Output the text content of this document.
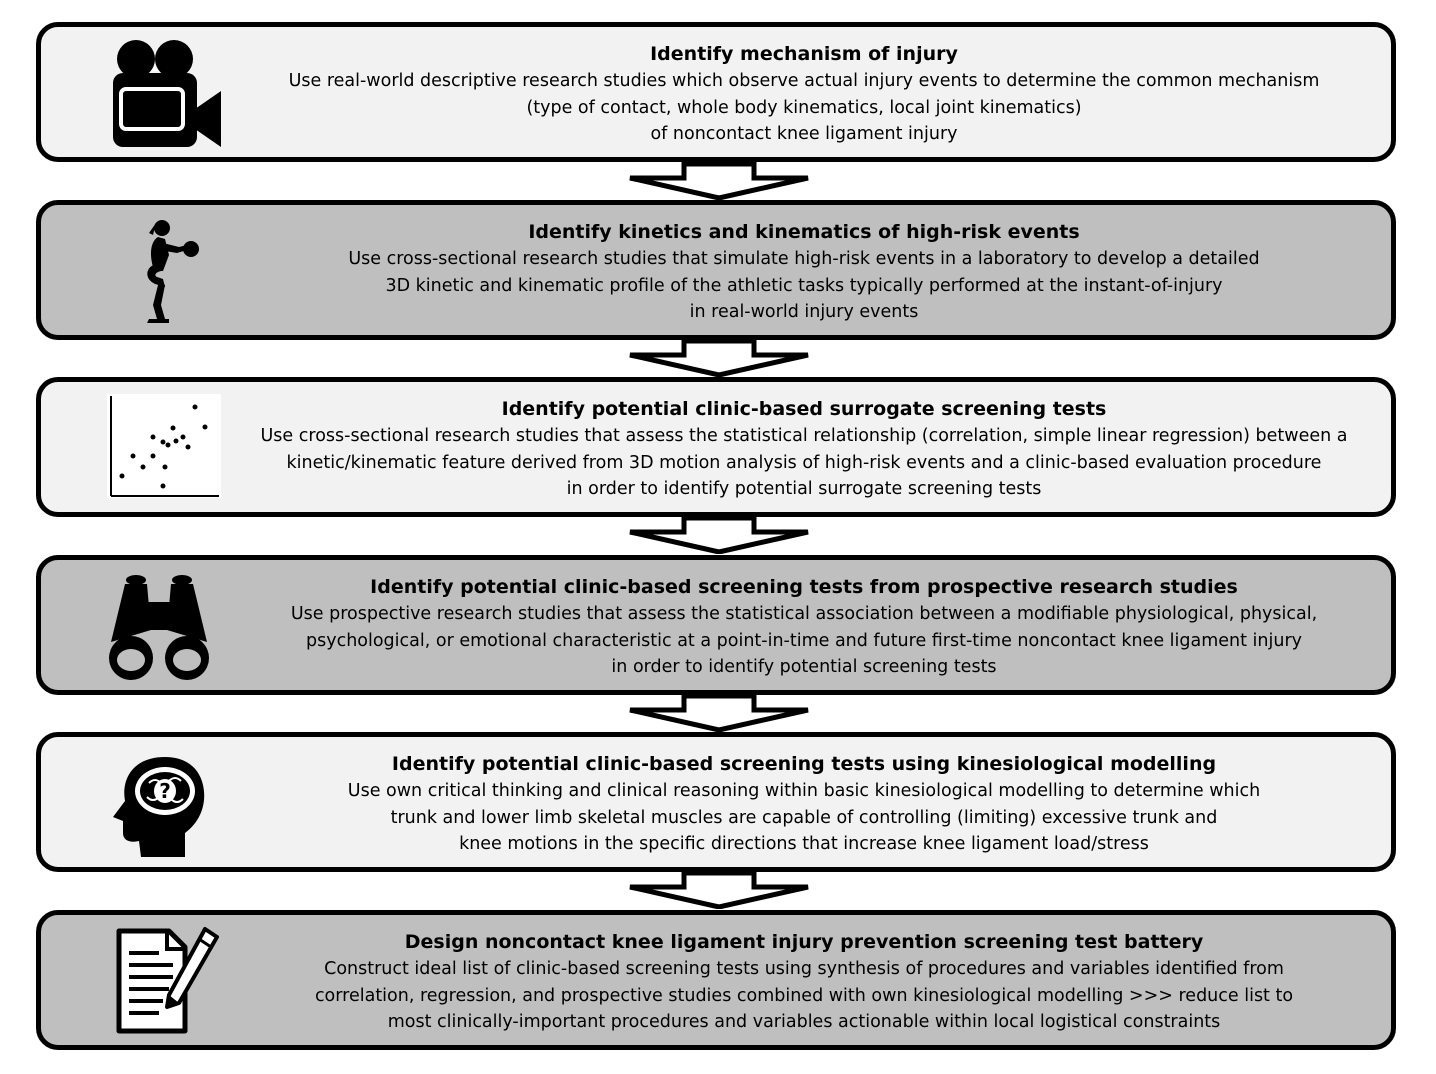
Identify mechanism of injury
Use real-world descriptive research studies which observe actual injury events to determine the common mechanism
(type of contact, whole body kinematics, local joint kinematics)
of noncontact knee ligament injury
Identify kinetics and kinematics of high-risk events
Use cross-sectional research studies that simulate high-risk events in a laboratory to develop a detailed
3D kinetic and kinematic profile of the athletic tasks typically performed at the instant-of-injury
in real-world injury events
Identify potential clinic-based surrogate screening tests
Use cross-sectional research studies that assess the statistical relationship (correlation, simple linear regression) between a
kinetic/kinematic feature derived from 3D motion analysis of high-risk events and a clinic-based evaluation procedure
in order to identify potential surrogate screening tests
Identify potential clinic-based screening tests from prospective research studies
Use prospective research studies that assess the statistical association between a modifiable physiological, physical,
psychological, or emotional characteristic at a point-in-time and future first-time noncontact knee ligament injury
in order to identify potential screening tests
?
Identify potential clinic-based screening tests using kinesiological modelling
Use own critical thinking and clinical reasoning within basic kinesiological modelling to determine which
trunk and lower limb skeletal muscles are capable of controlling (limiting) excessive trunk and
knee motions in the specific directions that increase knee ligament load/stress
Design noncontact knee ligament injury prevention screening test battery
Construct ideal list of clinic-based screening tests using synthesis of procedures and variables identified from
correlation, regression, and prospective studies combined with own kinesiological modelling >>> reduce list to
most clinically-important procedures and variables actionable within local logistical constraints
